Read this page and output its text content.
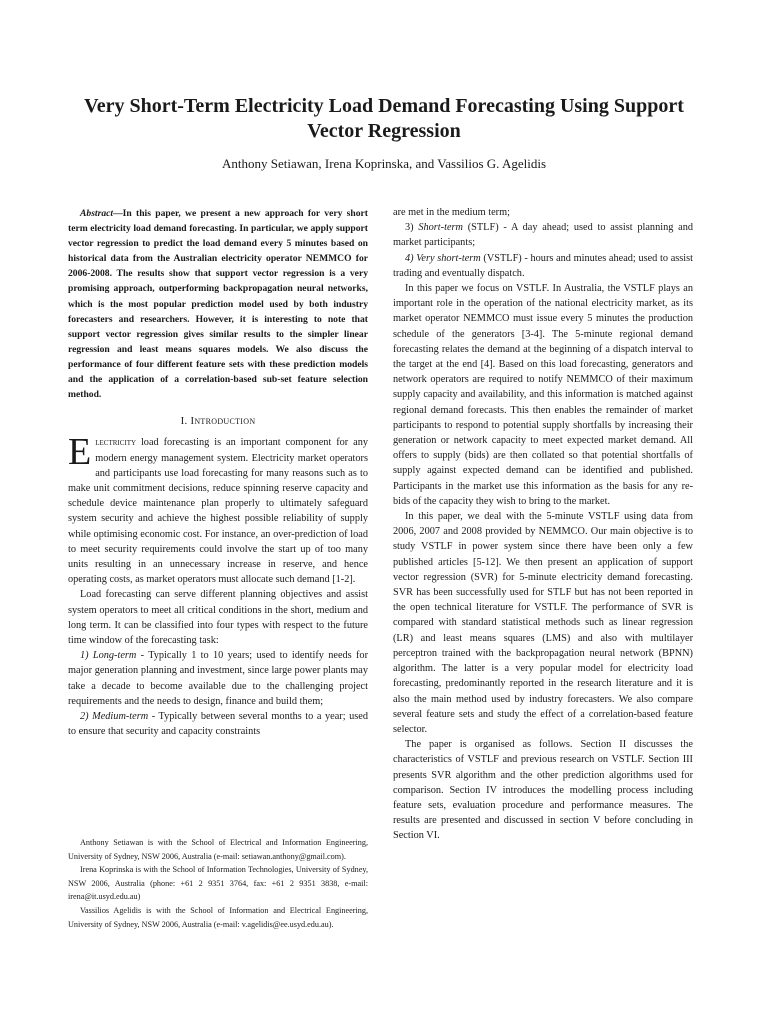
Very Short-Term Electricity Load Demand Forecasting Using Support Vector Regression
Anthony Setiawan, Irena Koprinska, and Vassilios G. Agelidis

Abstract—In this paper, we present a new approach for very short term electricity load demand forecasting. In particular, we apply support vector regression to predict the load demand every 5 minutes based on historical data from the Australian electricity operator NEMMCO for 2006-2008. The results show that support vector regression is a very promising approach, outperforming backpropagation neural networks, which is the most popular prediction model used by both industry forecasters and researchers. However, it is interesting to note that support vector regression gives similar results to the simpler linear regression and least means squares models. We also discuss the performance of four different feature sets with these prediction models and the application of a correlation-based sub-set feature selection method.

I. Introduction

Electricity load forecasting is an important component for any modern energy management system. Electricity market operators and participants use load forecasting for many reasons such as to make unit commitment decisions, reduce spinning reserve capacity and schedule device maintenance plan properly to ultimately safeguard system security and achieve the highest possible reliability of supply while optimising economic cost. For instance, an over-prediction of load to meet security requirements could involve the start up of too many units resulting in an unnecessary increase in reserve, and hence operating costs, as market operators must allocate such demand [1-2].

Load forecasting can serve different planning objectives and assist system operators to meet all critical conditions in the short, medium and long term. It can be classified into four types with respect to the future time window of the forecasting task:

1) Long-term - Typically 1 to 10 years; used to identify needs for major generation planning and investment, since large power plants may take a decade to become available due to the challenging project requirements and the needs to design, finance and build them;

2) Medium-term - Typically between several months to a year; used to ensure that security and capacity constraints

Anthony Setiawan is with the School of Electrical and Information Engineering, University of Sydney, NSW 2006, Australia (e-mail: setiawan.anthony@gmail.com).

Irena Koprinska is with the School of Information Technologies, University of Sydney, NSW 2006, Australia (phone: +61 2 9351 3764, fax: +61 2 9351 3838, e-mail: irena@it.usyd.edu.au)

Vassilios Agelidis is with the School of Information and Electrical Engineering, University of Sydney, NSW 2006, Australia (e-mail: v.agelidis@ee.usyd.edu.au).

are met in the medium term;

3) Short-term (STLF) - A day ahead; used to assist planning and market participants;

4) Very short-term (VSTLF) - hours and minutes ahead; used to assist trading and eventually dispatch.

In this paper we focus on VSTLF. In Australia, the VSTLF plays an important role in the operation of the national electricity market, as its market operator NEMMCO must issue every 5 minutes the production schedule of the generators [3-4]. The 5-minute regional demand forecasting relates the demand at the beginning of a dispatch interval to the target at the end [4]. Based on this load forecasting, generators and network operators are required to notify NEMMCO of their maximum supply capacity and availability, and this information is matched against regional demand forecasts. This then enables the remainder of market participants to respond to potential supply shortfalls by increasing their generation or network capacity to meet expected market demand. All offers to supply (bids) are then collated so that potential shortfalls of supply against expected demand can be identified and published. Participants in the market use this information as the basis for any re-bids of the capacity they wish to bring to the market.

In this paper, we deal with the 5-minute VSTLF using data from 2006, 2007 and 2008 provided by NEMMCO. Our main objective is to study VSTLF in power system since there have been only a few published articles [5-12]. We then present an application of support vector regression (SVR) for 5-minute electricity demand forecasting. SVR has been successfully used for STLF but has not been reported in the open technical literature for VSTLF. The performance of SVR is compared with standard statistical methods such as linear regression (LR) and least means squares (LMS) and also with multilayer perceptron trained with the backpropagation neural network (BPNN) algorithm. The latter is a very popular model for electricity load forecasting, predominantly reported in the research literature and it is also the main method used by industry forecasters. We also compare several feature sets and study the effect of a correlation-based feature selector.

The paper is organised as follows. Section II discusses the characteristics of VSTLF and previous research on VSTLF. Section III presents SVR algorithm and the other prediction algorithms used for comparison. Section IV introduces the modelling process including feature sets, evaluation procedure and performance measures. The results are presented and discussed in section V before concluding in Section VI.
